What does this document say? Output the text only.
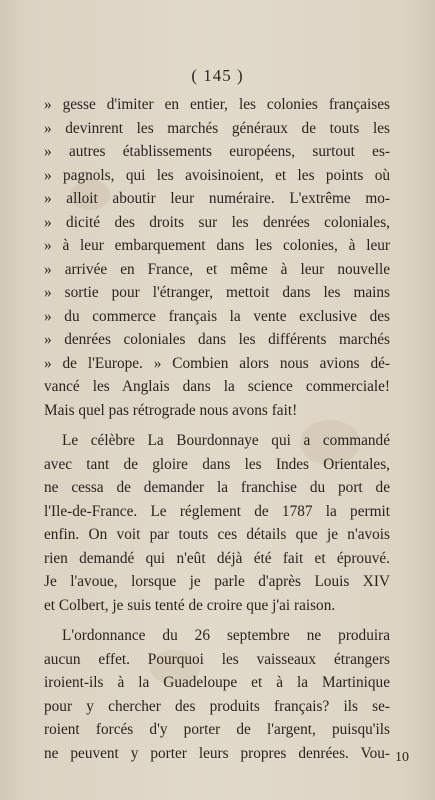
( 145 )
» gesse d'imiter en entier, les colonies françaises
» devinrent les marchés généraux de touts les
» autres établissements européens, surtout es-
» pagnols, qui les avoisinoient, et les points où
» alloit aboutir leur numéraire. L'extrême mo-
» dicité des droits sur les denrées coloniales,
» à leur embarquement dans les colonies, à leur
» arrivée en France, et même à leur nouvelle
» sortie pour l'étranger, mettoit dans les mains
» du commerce français la vente exclusive des
» denrées coloniales dans les différents marchés
» de l'Europe. » Combien alors nous avions dé-
vancé les Anglais dans la science commerciale!
Mais quel pas rétrograde nous avons fait!
Le célèbre La Bourdonnaye qui a commandé
avec tant de gloire dans les Indes Orientales,
ne cessa de demander la franchise du port de
l'Ile-de-France. Le réglement de 1787 la permit
enfin. On voit par touts ces détails que je n'avois
rien demandé qui n'eût déjà été fait et éprouvé.
Je l'avoue, lorsque je parle d'après Louis XIV
et Colbert, je suis tenté de croire que j'ai raison.
L'ordonnance du 26 septembre ne produira
aucun effet. Pourquoi les vaisseaux étrangers
iroient-ils à la Guadeloupe et à la Martinique
pour y chercher des produits français? ils se-
roient forcés d'y porter de l'argent, puisqu'ils
ne peuvent y porter leurs propres denrées. Vou- 10
